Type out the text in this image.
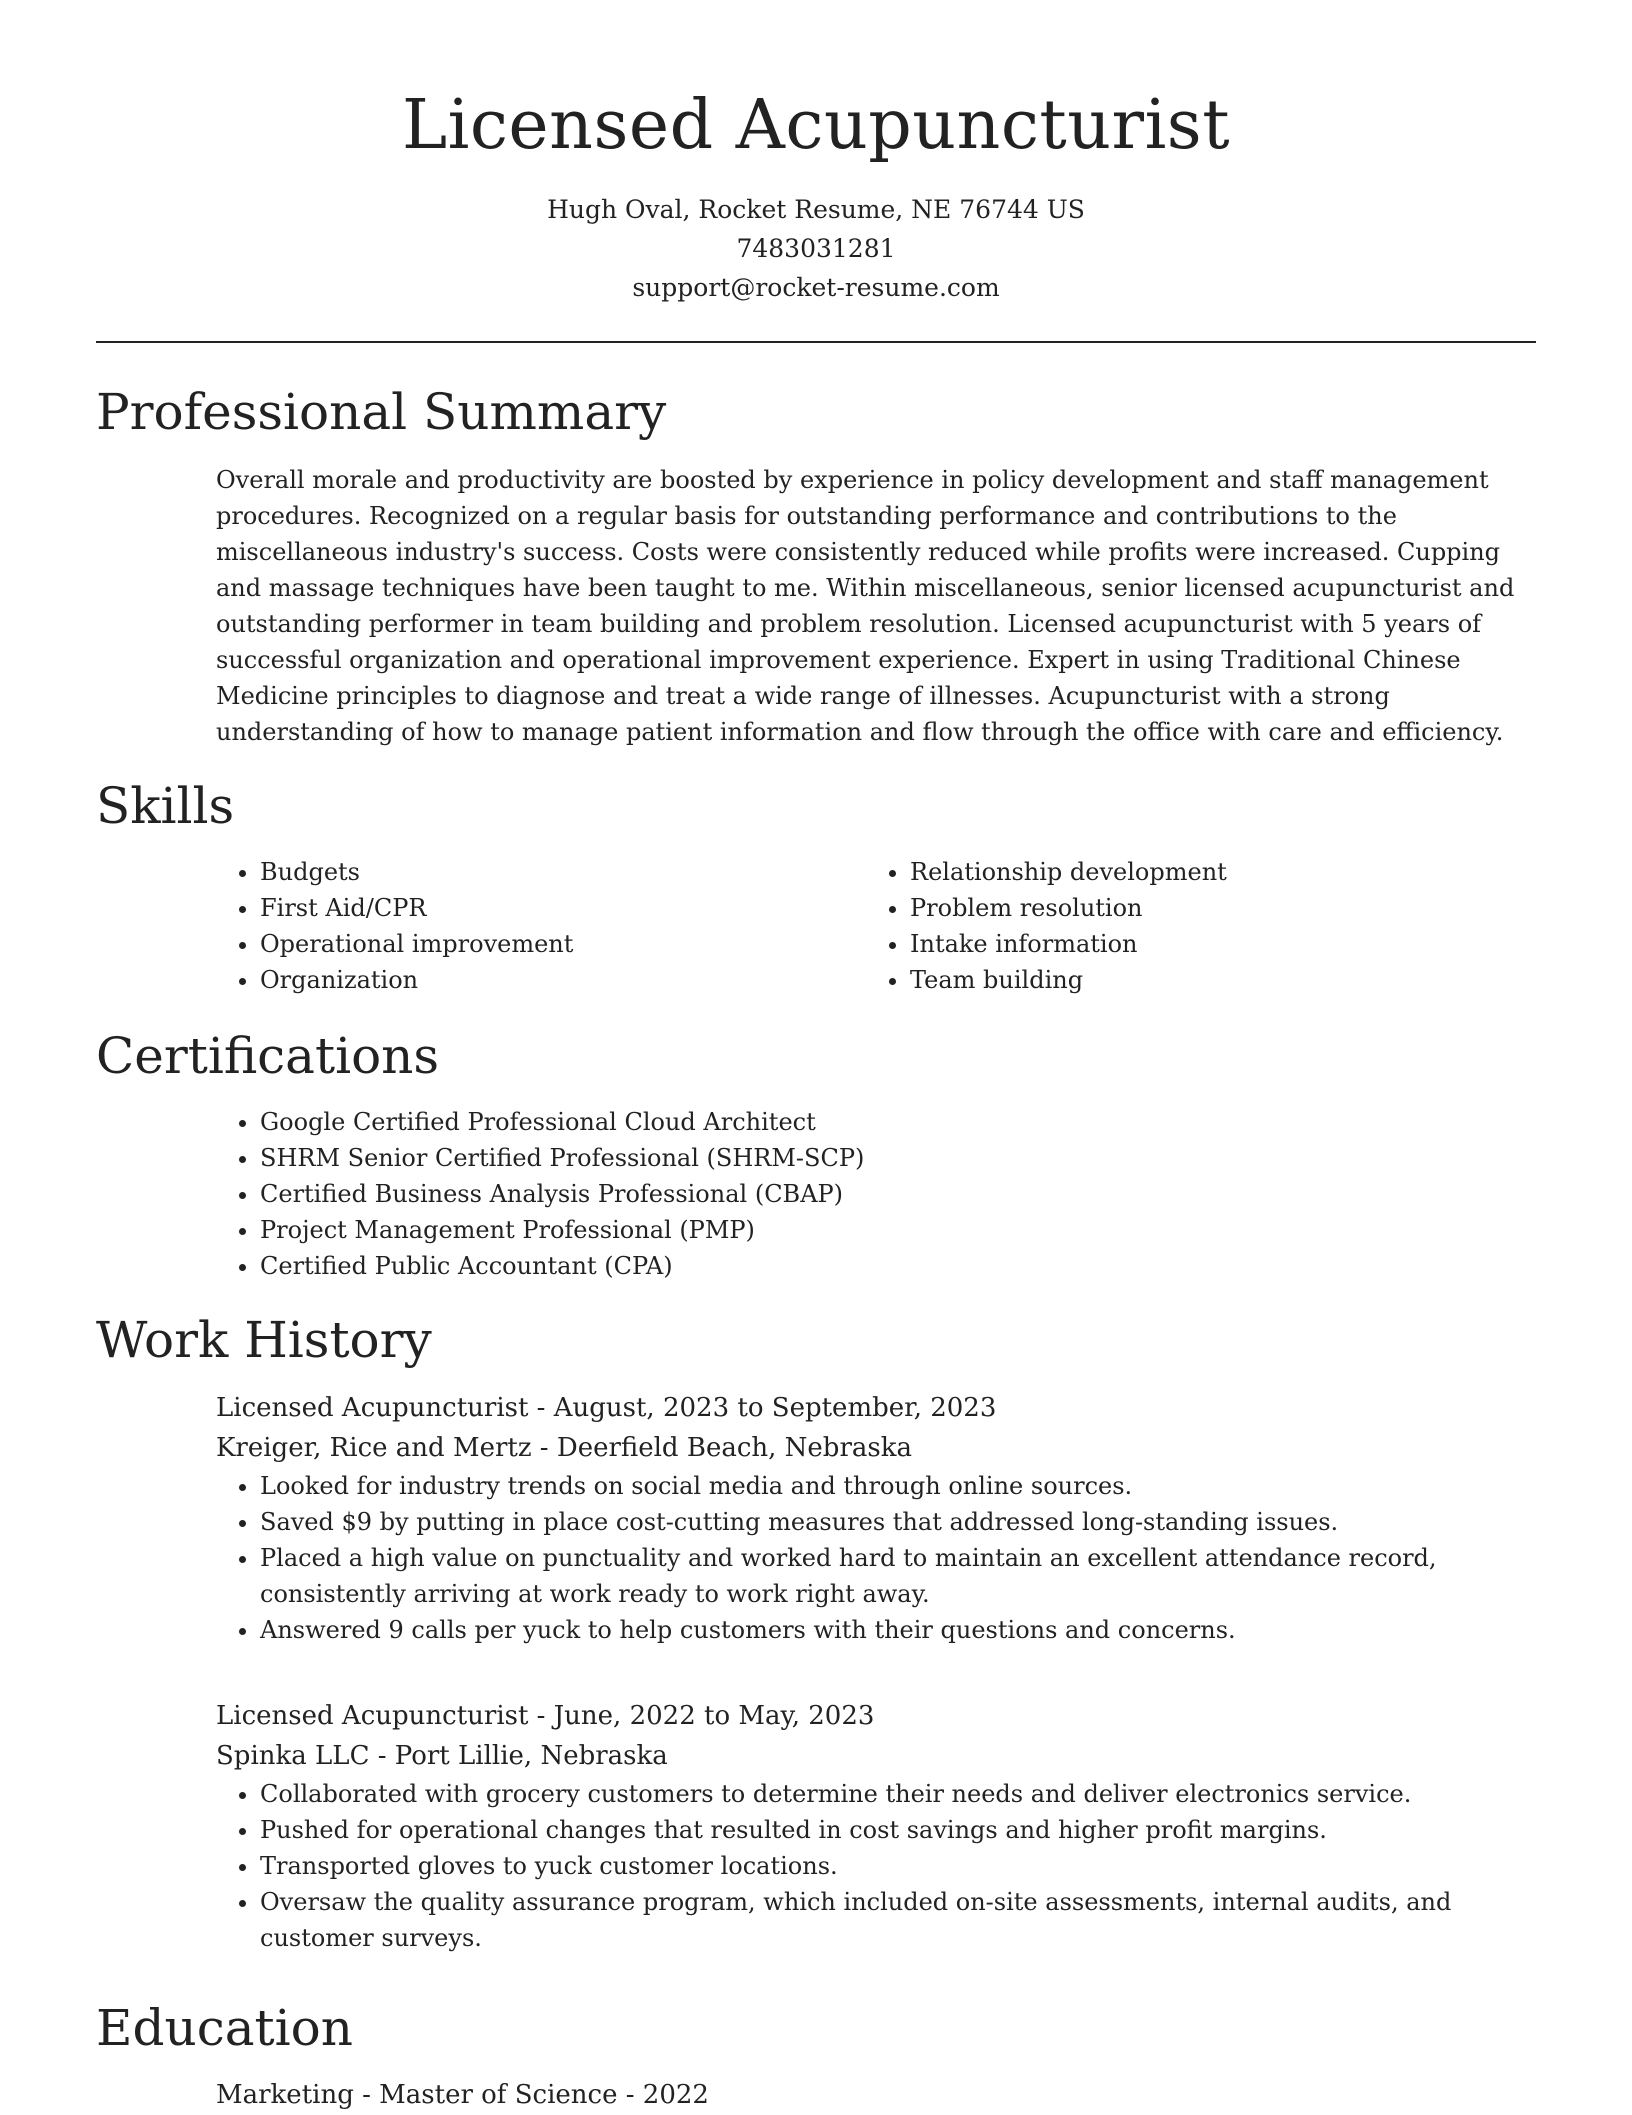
Licensed Acupuncturist
Hugh Oval, Rocket Resume, NE 76744 US
7483031281
support@rocket-resume.com
Professional Summary

Overall morale and productivity are boosted by experience in policy development and staff management procedures. Recognized on a regular basis for outstanding performance and contributions to the miscellaneous industry's success. Costs were consistently reduced while profits were increased. Cupping and massage techniques have been taught to me. Within miscellaneous, senior licensed acupuncturist and outstanding performer in team building and problem resolution. Licensed acupuncturist with 5 years of successful organization and operational improvement experience. Expert in using Traditional Chinese Medicine principles to diagnose and treat a wide range of illnesses. Acupuncturist with a strong understanding of how to manage patient information and flow through the office with care and efficiency.

Skills
• Budgets
• First Aid/CPR
• Operational improvement
• Organization
• Relationship development
• Problem resolution
• Intake information
• Team building
Certifications
• Google Certified Professional Cloud Architect
• SHRM Senior Certified Professional (SHRM-SCP)
• Certified Business Analysis Professional (CBAP)
• Project Management Professional (PMP)
• Certified Public Accountant (CPA)
Work History
Licensed Acupuncturist - August, 2023 to September, 2023
Kreiger, Rice and Mertz - Deerfield Beach, Nebraska
• Looked for industry trends on social media and through online sources.
• Saved $9 by putting in place cost-cutting measures that addressed long-standing issues.
• Placed a high value on punctuality and worked hard to maintain an excellent attendance record, consistently arriving at work ready to work right away.
• Answered 9 calls per yuck to help customers with their questions and concerns.
Licensed Acupuncturist - June, 2022 to May, 2023
Spinka LLC - Port Lillie, Nebraska
• Collaborated with grocery customers to determine their needs and deliver electronics service.
• Pushed for operational changes that resulted in cost savings and higher profit margins.
• Transported gloves to yuck customer locations.
• Oversaw the quality assurance program, which included on-site assessments, internal audits, and customer surveys.
Education
Marketing - Master of Science - 2022
